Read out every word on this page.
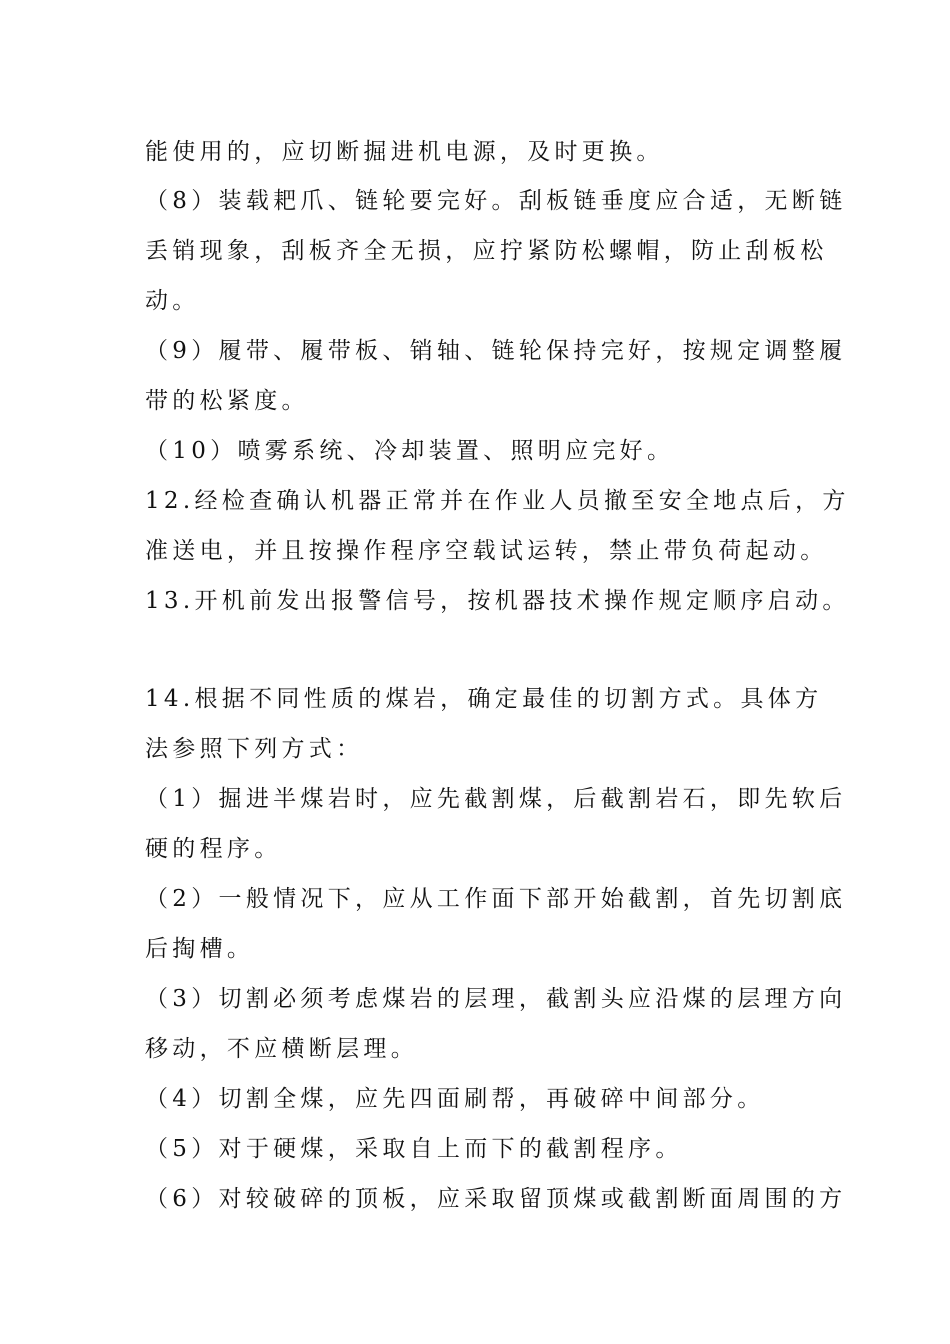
能使用的，应切断掘进机电源，及时更换。
（8）装载耙爪、链轮要完好。刮板链垂度应合适，无断链
丢销现象，刮板齐全无损，应拧紧防松螺帽，防止刮板松
动。
（9）履带、履带板、销轴、链轮保持完好，按规定调整履
带的松紧度。
（10）喷雾系统、冷却装置、照明应完好。
12.经检查确认机器正常并在作业人员撤至安全地点后，方
准送电，并且按操作程序空载试运转，禁止带负荷起动。
13.开机前发出报警信号，按机器技术操作规定顺序启动。
14.根据不同性质的煤岩，确定最佳的切割方式。具体方
法参照下列方式：
（1）掘进半煤岩时，应先截割煤，后截割岩石，即先软后
硬的程序。
（2）一般情况下，应从工作面下部开始截割，首先切割底
后掏槽。
（3）切割必须考虑煤岩的层理，截割头应沿煤的层理方向
移动，不应横断层理。
（4）切割全煤，应先四面刷帮，再破碎中间部分。
（5）对于硬煤，采取自上而下的截割程序。
（6）对较破碎的顶板，应采取留顶煤或截割断面周围的方
